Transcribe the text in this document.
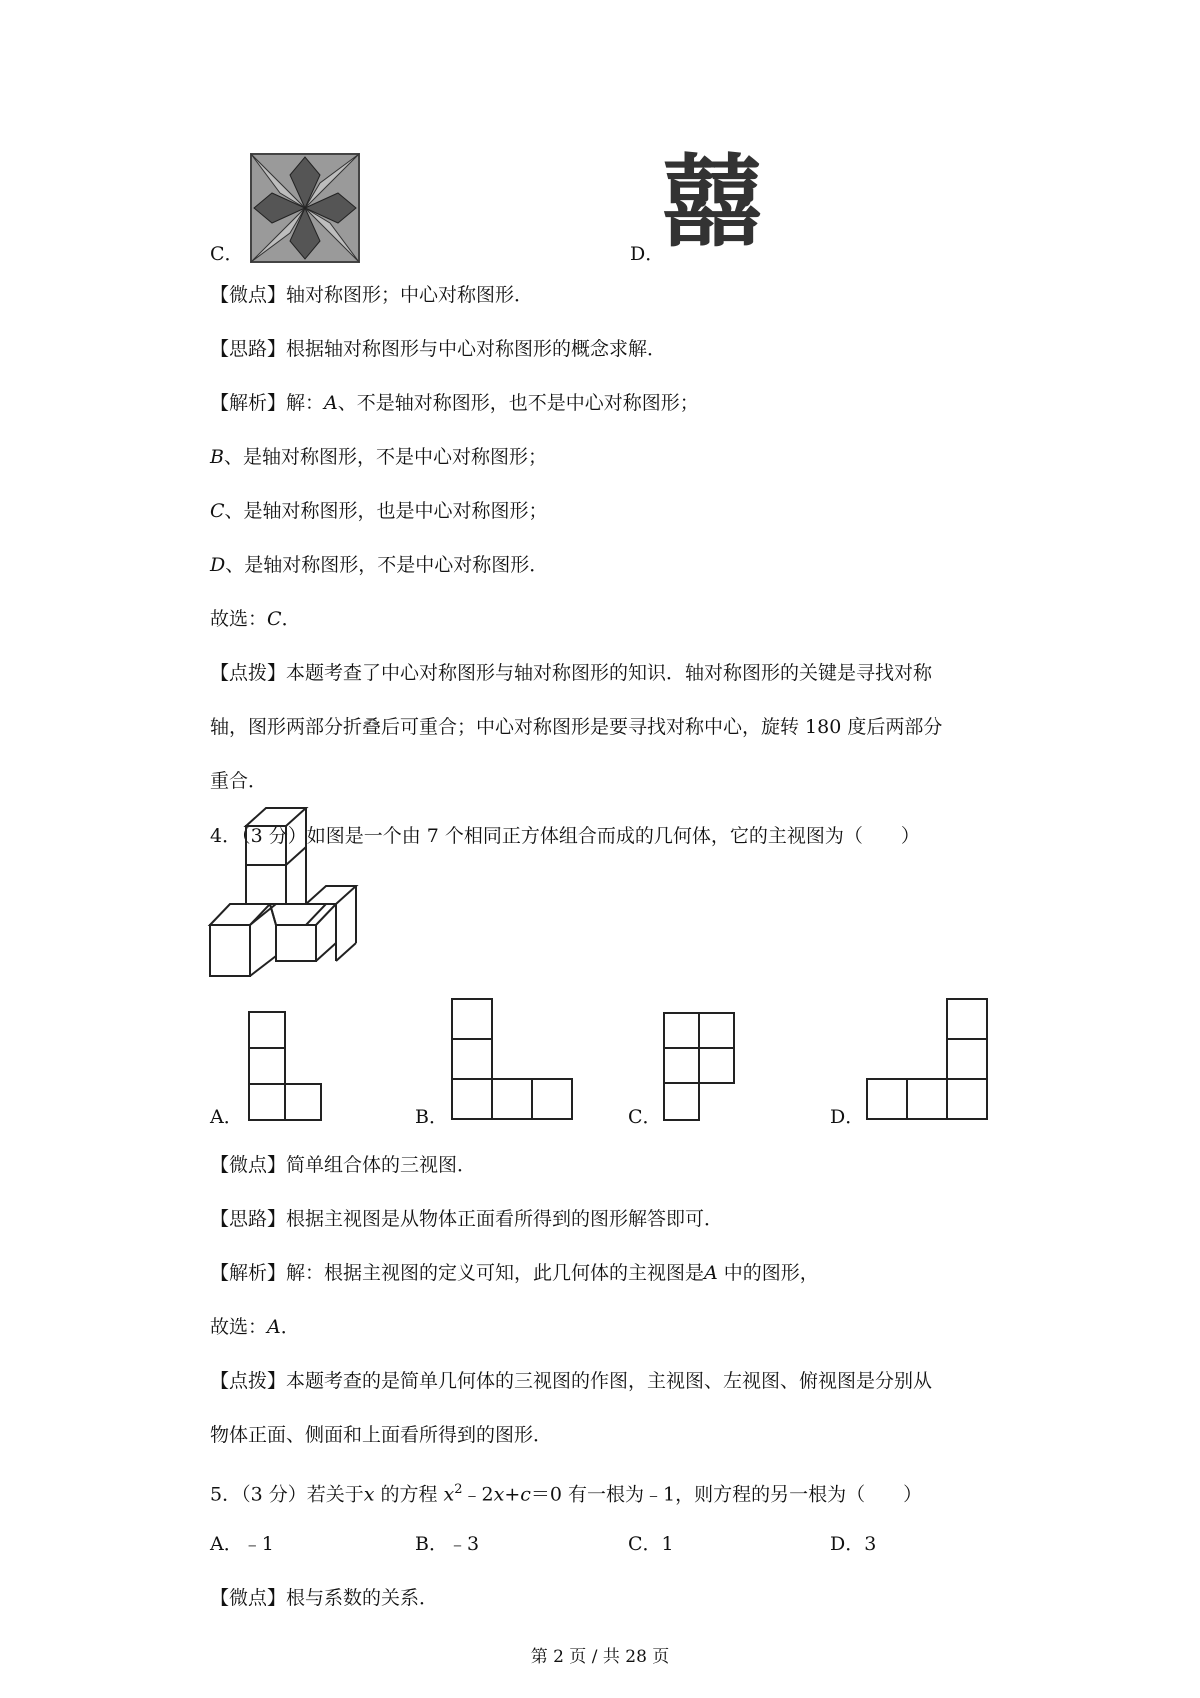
C．	D．
囍
【微点】轴对称图形；中心对称图形．
【思路】根据轴对称图形与中心对称图形的概念求解．
【解析】解：A、不是轴对称图形，也不是中心对称图形；
B、是轴对称图形，不是中心对称图形；
C、是轴对称图形，也是中心对称图形；
D、是轴对称图形，不是中心对称图形．
故选：C．
【点拨】本题考查了中心对称图形与轴对称图形的知识．轴对称图形的关键是寻找对称
轴，图形两部分折叠后可重合；中心对称图形是要寻找对称中心，旋转 180 度后两部分
重合．
4．（3 分）如图是一个由 7 个相同正方体组合而成的几何体，它的主视图为（　　）
A．	B．	C．	D．
【微点】简单组合体的三视图．
【思路】根据主视图是从物体正面看所得到的图形解答即可．
【解析】解：根据主视图的定义可知，此几何体的主视图是A 中的图形，
故选：A．
【点拨】本题考查的是简单几何体的三视图的作图，主视图、左视图、俯视图是分别从
物体正面、侧面和上面看所得到的图形．
5．（3 分）若关于x 的方程 $x^2﹣2x+c=0$ 有一根为﹣1，则方程的另一根为（　　）
A．﹣1	B．﹣3	C．1	D．3
【微点】根与系数的关系．
第 2 页 / 共 28 页
